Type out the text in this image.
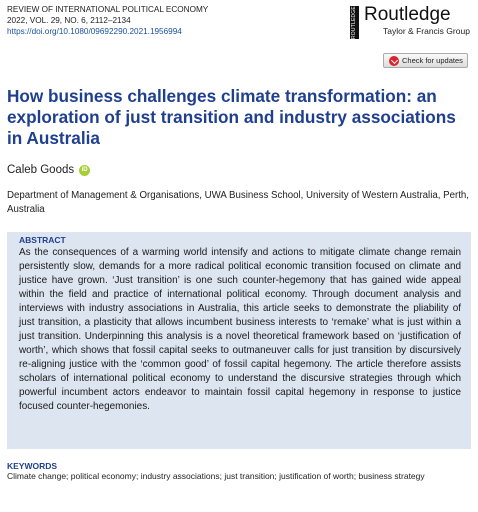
REVIEW OF INTERNATIONAL POLITICAL ECONOMY
2022, VOL. 29, NO. 6, 2112–2134
https://doi.org/10.1080/09692290.2021.1956994	ROUTLEDGE Routledge
Taylor & Francis Group
Check for updates
How business challenges climate transformation: an exploration of just transition and industry associations in Australia
Caleb Goods	iD
Department of Management & Organisations, UWA Business School, University of Western Australia, Perth, Australia
ABSTRACT
As the consequences of a warming world intensify and actions to mitigate climate change remain persistently slow, demands for a more radical political economic transition focused on climate and justice have grown. ‘Just transition’ is one such counter-hegemony that has gained wide appeal within the field and practice of international political economy. Through document analysis and interviews with industry associations in Australia, this article seeks to demonstrate the pliability of just transition, a plasticity that allows incumbent business interests to ‘remake’ what is just within a just transition. Underpinning this analysis is a novel theoretical framework based on ‘justification of worth’, which shows that fossil capital seeks to outmaneuver calls for just transition by discursively re-aligning justice with the ‘common good’ of fossil capital hegemony. The article therefore assists scholars of international political economy to understand the discursive strategies through which powerful incumbent actors endeavor to maintain fossil capital hegemony in response to justice focused counter-hegemonies.
KEYWORDS
Climate change; political economy; industry associations; just transition; justification of worth; business strategy
